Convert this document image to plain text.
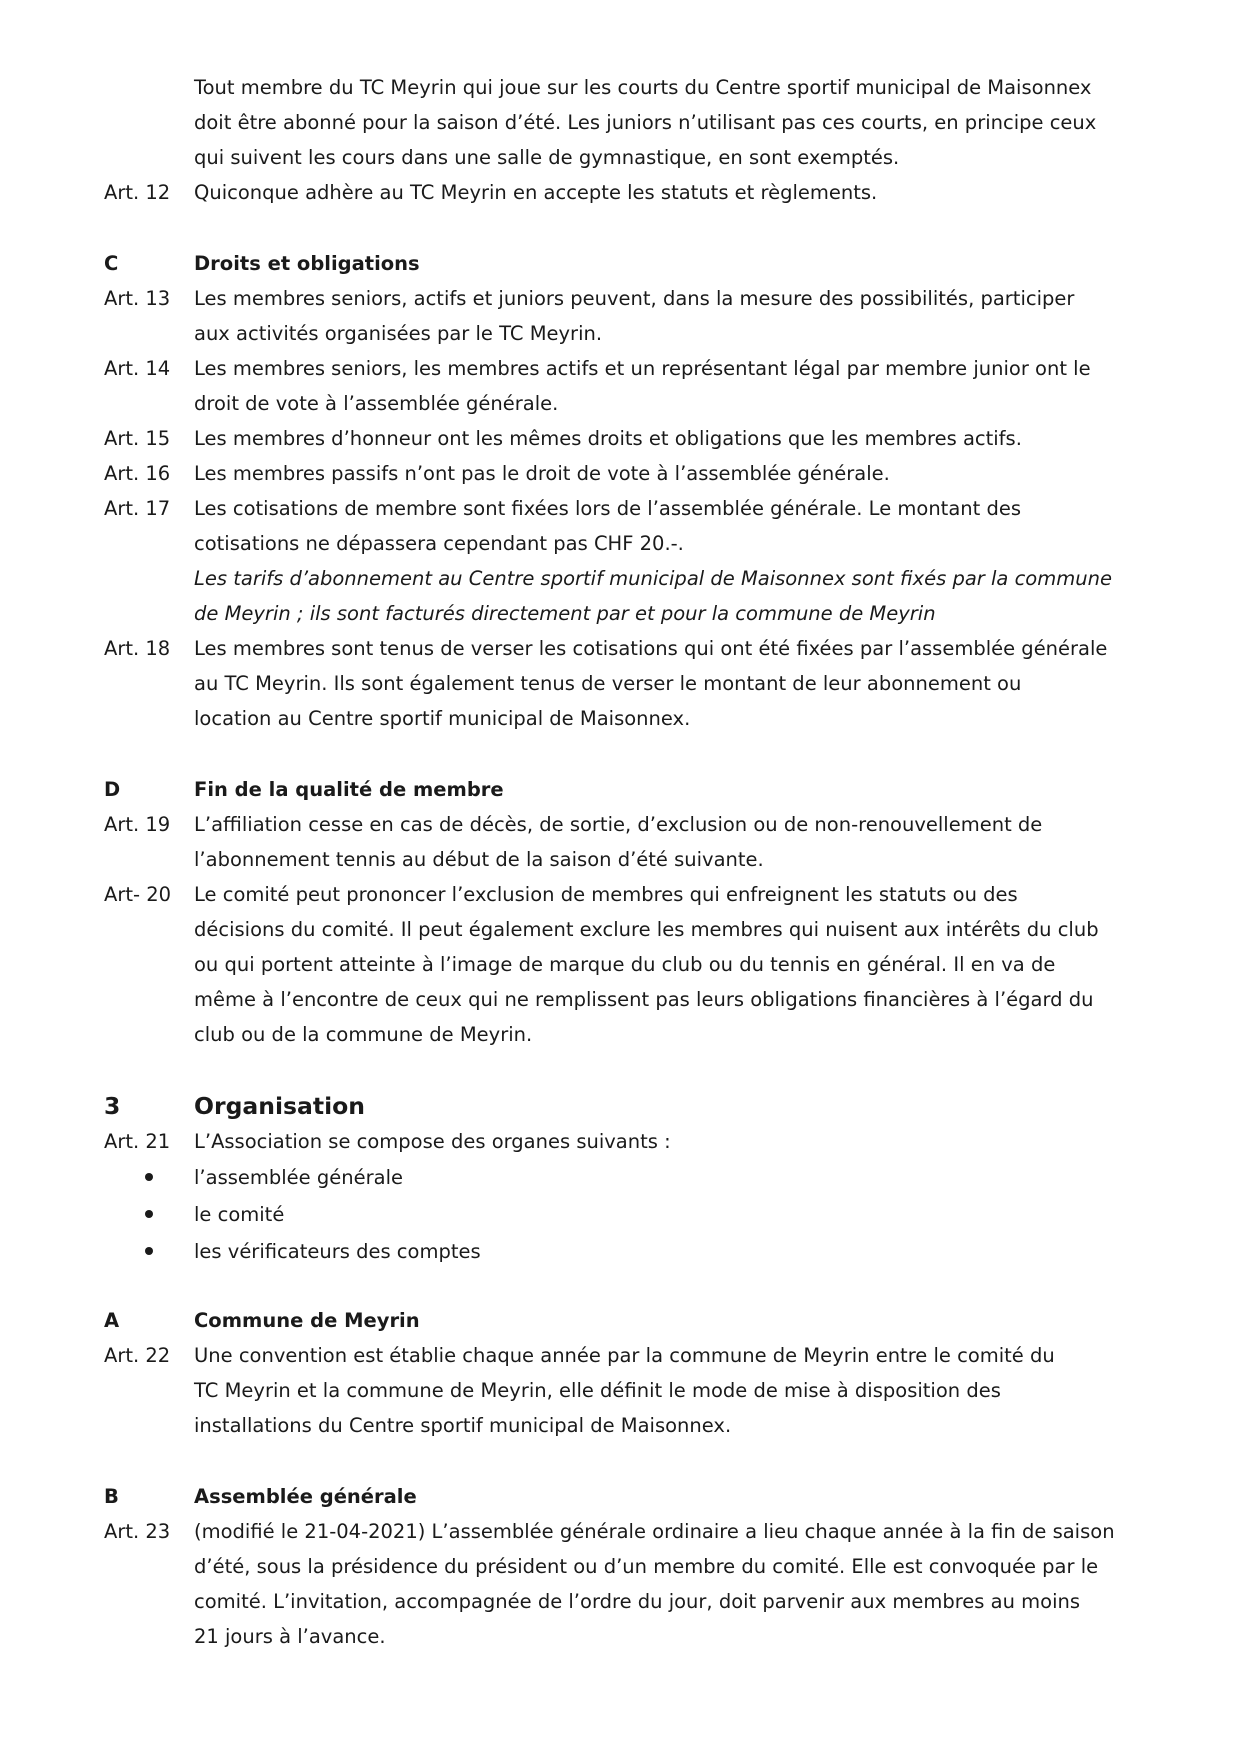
Tout membre du TC Meyrin qui joue sur les courts du Centre sportif municipal de Maisonnex
doit être abonné pour la saison d’été. Les juniors n’utilisant pas ces courts, en principe ceux
qui suivent les cours dans une salle de gymnastique, en sont exemptés.
Art. 12	Quiconque adhère au TC Meyrin en accepte les statuts et règlements.
C	Droits et obligations
Art. 13	Les membres seniors, actifs et juniors peuvent, dans la mesure des possibilités, participer
aux activités organisées par le TC Meyrin.
Art. 14	Les membres seniors, les membres actifs et un représentant légal par membre junior ont le
droit de vote à l’assemblée générale.
Art. 15	Les membres d’honneur ont les mêmes droits et obligations que les membres actifs.
Art. 16	Les membres passifs n’ont pas le droit de vote à l’assemblée générale.
Art. 17	Les cotisations de membre sont fixées lors de l’assemblée générale. Le montant des
cotisations ne dépassera cependant pas CHF 20.-.
Les tarifs d’abonnement au Centre sportif municipal de Maisonnex sont fixés par la commune
de Meyrin ; ils sont facturés directement par et pour la commune de Meyrin
Art. 18	Les membres sont tenus de verser les cotisations qui ont été fixées par l’assemblée générale
au TC Meyrin. Ils sont également tenus de verser le montant de leur abonnement ou
location au Centre sportif municipal de Maisonnex.
D	Fin de la qualité de membre
Art. 19	L’affiliation cesse en cas de décès, de sortie, d’exclusion ou de non-renouvellement de
l’abonnement tennis au début de la saison d’été suivante.
Art- 20	Le comité peut prononcer l’exclusion de membres qui enfreignent les statuts ou des
décisions du comité. Il peut également exclure les membres qui nuisent aux intérêts du club
ou qui portent atteinte à l’image de marque du club ou du tennis en général. Il en va de
même à l’encontre de ceux qui ne remplissent pas leurs obligations financières à l’égard du
club ou de la commune de Meyrin.
3	Organisation
Art. 21	L’Association se compose des organes suivants :
l’assemblée générale
le comité
les vérificateurs des comptes
A	Commune de Meyrin
Art. 22	Une convention est établie chaque année par la commune de Meyrin entre le comité du
TC Meyrin et la commune de Meyrin, elle définit le mode de mise à disposition des
installations du Centre sportif municipal de Maisonnex.
B	Assemblée générale
Art. 23	(modifié le 21-04-2021) L’assemblée générale ordinaire a lieu chaque année à la fin de saison
d’été, sous la présidence du président ou d’un membre du comité. Elle est convoquée par le
comité. L’invitation, accompagnée de l’ordre du jour, doit parvenir aux membres au moins
21 jours à l’avance.
